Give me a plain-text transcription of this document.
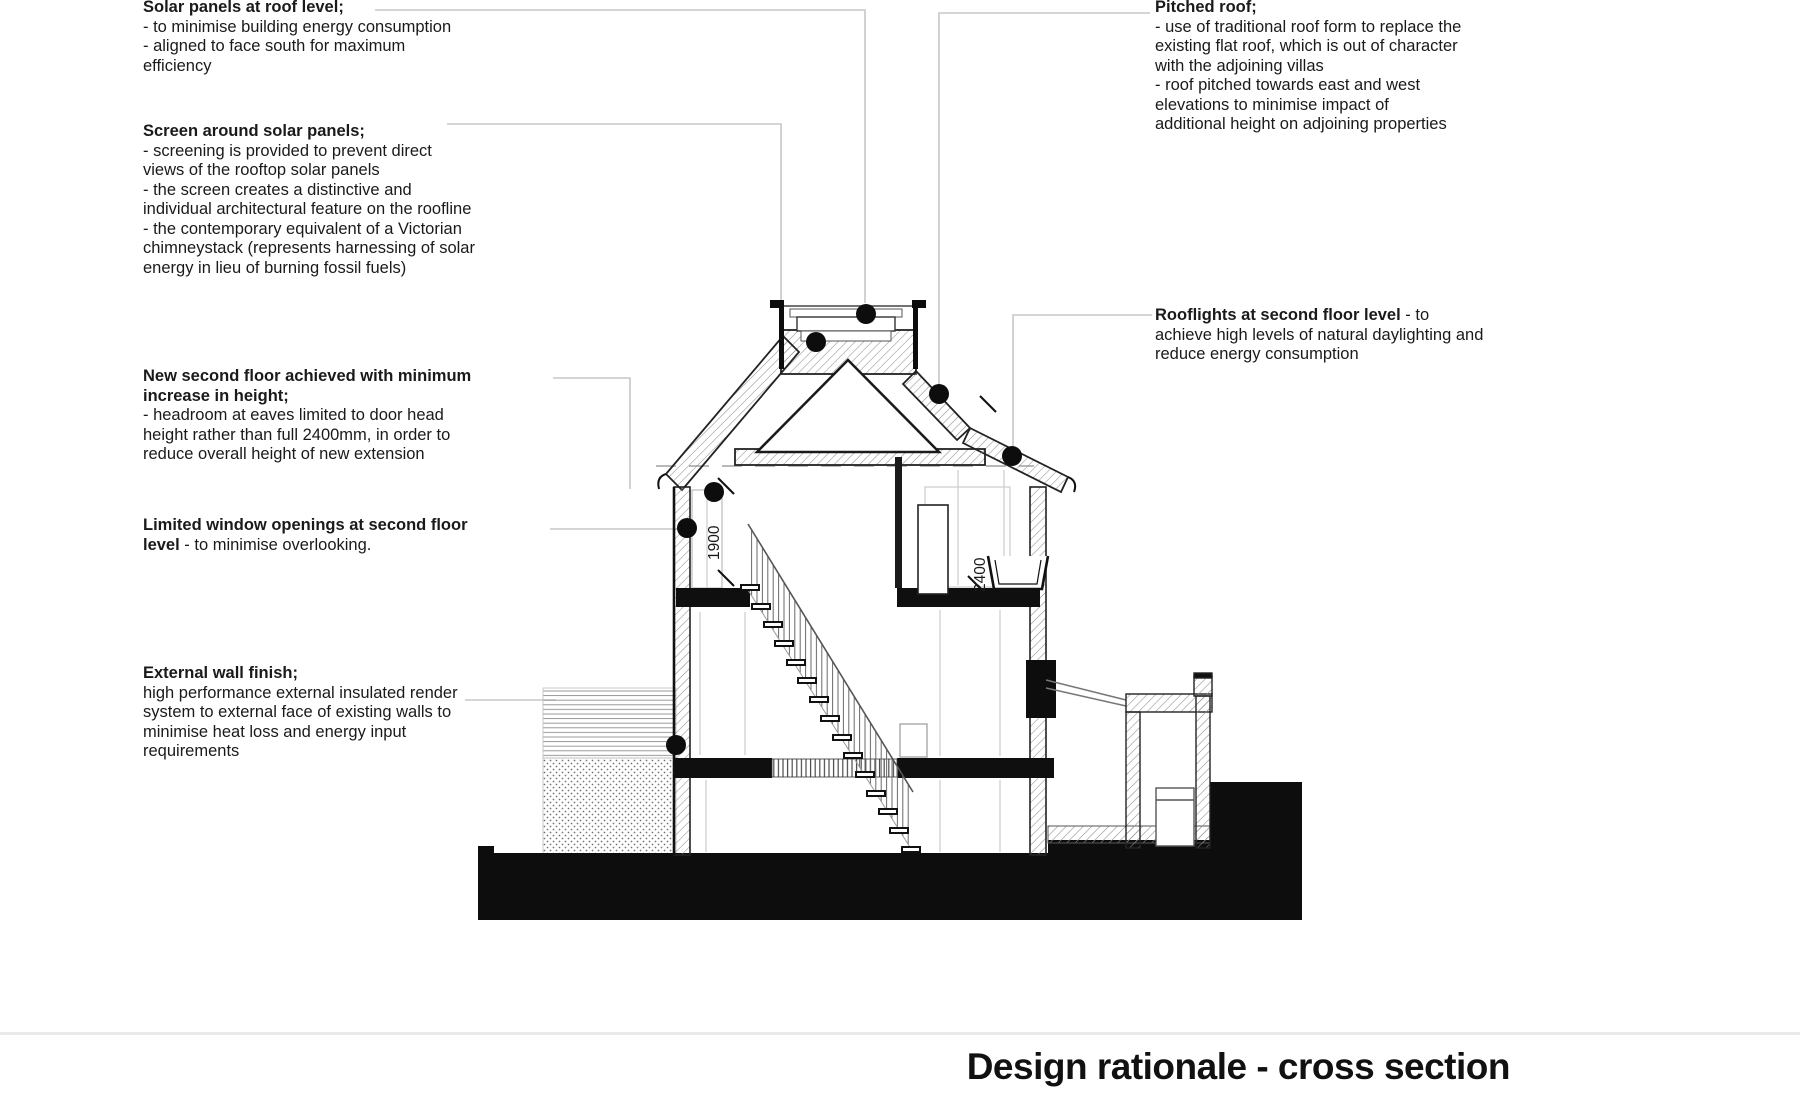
1900
2400
Solar panels at roof level;
- to minimise building energy consumption
- aligned to face south for maximum
efficiency
Screen around solar panels;
- screening is provided to prevent direct
views of the rooftop solar panels
- the screen creates a distinctive and
individual architectural feature on the roofline
- the contemporary equivalent of a Victorian
chimneystack (represents harnessing of solar
energy in lieu of burning fossil fuels)
New second floor achieved with minimum
increase in height;
- headroom at eaves limited to door head
height rather than full 2400mm, in order to
reduce overall height of new extension
Limited window openings at second floor
level - to minimise overlooking.
External wall finish;
high performance external insulated render
system to external face of existing walls to
minimise heat loss and energy input
requirements
Pitched roof;
- use of traditional roof form to replace the
existing flat roof, which is out of character
with the adjoining villas
- roof pitched towards east and west
elevations to minimise impact of
additional height on adjoining properties
Rooflights at second floor level - to
achieve high levels of natural daylighting and
reduce energy consumption
Design rationale - cross section
